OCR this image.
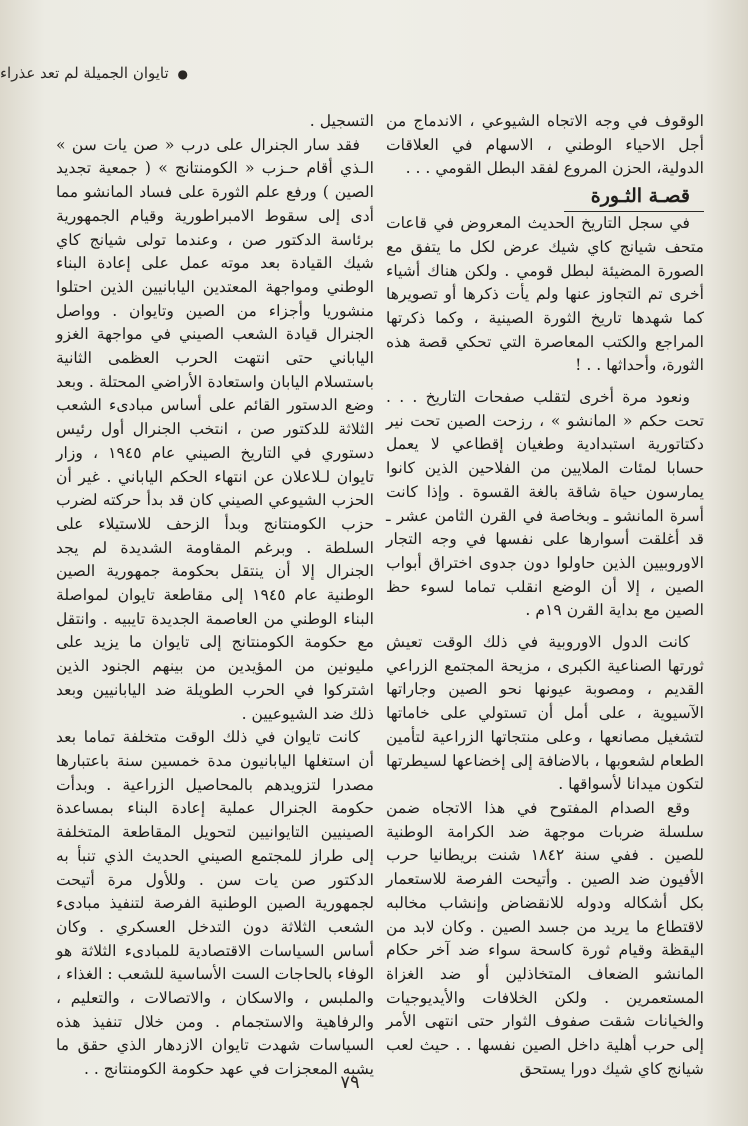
● تايوان الجميلة لم تعد عذراء

الوقوف في وجه الاتجاه الشيوعي ، الاندماج من أجل الاحياء الوطني ، الاسهام في العلاقات الدولية، الحزن المروع لفقد البطل القومي . . .

قصـة الثـورة

في سجل التاريخ الحديث المعروض في قاعات متحف شيانج كاي شيك عرض لكل ما يتفق مع الصورة المضيئة لبطل قومي . ولكن هناك أشياء أخرى تم التجاوز عنها ولم يأت ذكرها أو تصويرها كما شهدها تاريخ الثورة الصينية ، وكما ذكرتها المراجع والكتب المعاصرة التي تحكي قصة هذه الثورة، وأحداثها . . !

ونعود مرة أخرى لتقلب صفحات التاريخ . . . تحت حكم « المانشو » ، رزحت الصين تحت نير دكتاتورية استبدادية وطغيان إقطاعي لا يعمل حسابا لمئات الملايين من الفلاحين الذين كانوا يمارسون حياة شاقة بالغة القسوة . وإذا كانت أسرة المانشو ـ وبخاصة في القرن الثامن عشر ـ قد أغلقت أسوارها على نفسها في وجه التجار الاوروبيين الذين حاولوا دون جدوى اختراق أبواب الصين ، إلا أن الوضع انقلب تماما لسوء حظ الصين مع بداية القرن ١٩م .

كانت الدول الاوروبية في ذلك الوقت تعيش ثورتها الصناعية الكبرى ، مزيحة المجتمع الزراعي القديم ، ومصوبة عيونها نحو الصين وجاراتها الآسيوية ، على أمل أن تستولي على خاماتها لتشغيل مصانعها ، وعلى منتجاتها الزراعية لتأمين الطعام لشعوبها ، بالاضافة إلى إخضاعها لسيطرتها لتكون ميدانا لأسواقها .

وقع الصدام المفتوح في هذا الاتجاه ضمن سلسلة ضربات موجهة ضد الكرامة الوطنية للصين . ففي سنة ١٨٤٢ شنت بريطانيا حرب الأفيون ضد الصين . وأتيحت الفرصة للاستعمار بكل أشكاله ودوله للانقضاض وإنشاب مخالبه لاقتطاع ما يريد من جسد الصين . وكان لابد من اليقظة وقيام ثورة كاسحة سواء ضد آخر حكام المانشو الضعاف المتخاذلين أو ضد الغزاة المستعمرين . ولكن الخلافات والأيديوجيات والخيانات شقت صفوف الثوار حتى انتهى الأمر إلى حرب أهلية داخل الصين نفسها . . حيث لعب شيانج كاي شيك دورا يستحق

التسجيل .

فقد سار الجنرال على درب « صن يات سن » الـذي أقام حـزب « الكومنتانج » ( جمعية تجديد الصين ) ورفع علم الثورة على فساد المانشو مما أدى إلى سقوط الامبراطورية وقيام الجمهورية برئاسة الدكتور صن ، وعندما تولى شيانج كاي شيك القيادة بعد موته عمل على إعادة البناء الوطني ومواجهة المعتدين اليابانيين الذين احتلوا منشوريا وأجزاء من الصين وتايوان . وواصل الجنرال قيادة الشعب الصيني في مواجهة الغزو الياباني حتى انتهت الحرب العظمى الثانية باستسلام اليابان واستعادة الأراضي المحتلة . وبعد وضع الدستور القائم على أساس مبادىء الشعب الثلاثة للدكتور صن ، انتخب الجنرال أول رئيس دستوري في التاريخ الصيني عام ١٩٤٥ ، وزار تايوان لـلاعلان عن انتهاء الحكم الياباني . غير أن الحزب الشيوعي الصيني كان قد بدأ حركته لضرب حزب الكومنتانج وبدأ الزحف للاستيلاء على السلطة . وبرغم المقاومة الشديدة لم يجد الجنرال إلا أن ينتقل بحكومة جمهورية الصين الوطنية عام ١٩٤٥ إلى مقاطعة تايوان لمواصلة البناء الوطني من العاصمة الجديدة تايبيه . وانتقل مع حكومة الكومنتانج إلى تايوان ما يزيد على مليونين من المؤيدين من بينهم الجنود الذين اشتركوا في الحرب الطويلة ضد اليابانيين وبعد ذلك ضد الشيوعيين .

كانت تايوان في ذلك الوقت متخلفة تماما بعد أن استغلها اليابانيون مدة خمسين سنة باعتبارها مصدرا لتزويدهم بالمحاصيل الزراعية . وبدأت حكومة الجنرال عملية إعادة البناء بمساعدة الصينيين التايوانيين لتحويل المقاطعة المتخلفة إلى طراز للمجتمع الصيني الحديث الذي تنبأ به الدكتور صن يات سن . وللأول مرة أتيحت لجمهورية الصين الوطنية الفرصة لتنفيذ مبادىء الشعب الثلاثة دون التدخل العسكري . وكان أساس السياسات الاقتصادية للمبادىء الثلاثة هو الوفاء بالحاجات الست الأساسية للشعب : الغذاء ، والملبس ، والاسكان ، والاتصالات ، والتعليم ، والرفاهية والاستجمام . ومن خلال تنفيذ هذه السياسات شهدت تايوان الازدهار الذي حقق ما يشبه المعجزات في عهد حكومة الكومنتانج . .

٧٩
